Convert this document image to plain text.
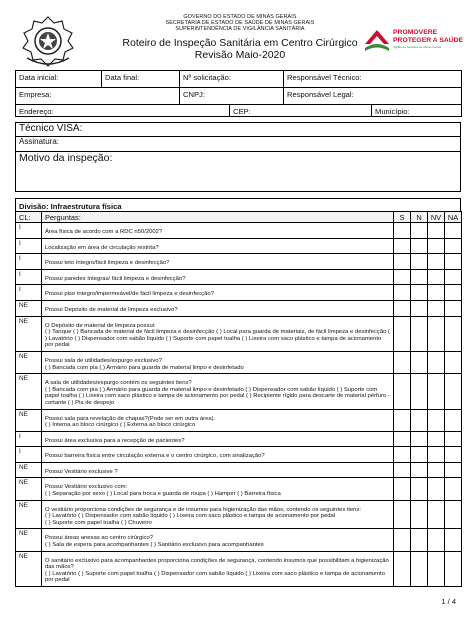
GOVERNO DO ESTADO DE MINAS GERAIS
SECRETARIA DE ESTADO DE SAÚDE DE MINAS GERAIS
SUPERINTENDÊNCIA DE VIGILÂNCIA SANITÁRIA
Roteiro de Inspeção Sanitária em Centro Cirúrgico
Revisão Maio-2020
PROMOVERE
PROTEGER A SAÚDE
Vigilância Sanitária de Minas Gerais
Data inicial:	Data final:	Nº solicitação:		Responsável Técnico:	
Empresa:		CNPJ:		Responsável Legal:	
Endereço:			CEP:		Município:
Técnico VISA:
Assinatura:
Motivo da inspeção:
Divisão: Infraestrutura física
CL:	Perguntas:	S	N	NV	NA
I	Área física de acordo com a RDC n50/2002?				

I	Localização em área de circulação restrita?				

I	Possui teto íntegro/fácil limpeza e desinfecção?				

I	Possui paredes íntegras/ fácil limpeza e desinfecção?				

I	Possui piso íntegro/impermeável/de fácil limpeza e desinfecção?				

NE	Possui Depósito de material de limpeza exclusivo?				

NE	O Depósito de material de limpeza possui:
( ) Tanque ( ) Bancada de material de fácil limpeza e desinfecção ( ) Local para guarda de materiais, de fácil limpeza e desinfecção ( ) Lavatório ( ) Dispensador com sabão líquido ( ) Suporte com papel toalha ( ) Lixeira com saco plástico e tampa de acionamento por pedal				

NE	Possui sala de utilidades/expurgo exclusivo?
( ) Bancada com pia ( ) Armário para guarda de material limpo e desinfetado				

NE	A sala de utilidades/expurgo contém os seguintes itens?
( ) Bancada com pia ( ) Armário para guarda de material limpo e desinfetado ( ) Dispensador com sabão líquido ( ) Suporte com papel toalha ( ) Lixeira com saco plástico e tampa de acionamento por pedal ( ) Recipiente rígido para descarte de material pérfuro - cortante ( ) Pia de despejo				

NE	Possui sala para revelação de chapas?(Pode ser em outra área).
( ) Interna ao bloco cirúrgico ( ) Externa ao bloco cirúrgico				

I	Possui área exclusiva para a recepção de pacientes?				

I	Possui barreira física entre circulação externa e o centro cirúrgico, com sinalização?				

NE	Possui Vestiário exclusive ?				

NE	Possui Vestiário exclusivo com:
( ) Separação por sexo ( ) Local para troca e guarda de roupa ( ) Hamper ( ) Barreira física				

NE	O vestiário proporciona condições de segurança e de insumos para higienização das mãos, contendo os seguintes itens:
( ) Lavatório ( ) Dispensador com sabão líquido ( ) Lixeira com saco plástico e tampa de acionamento por pedal
( ) Suporte com papel toalha ( ) Chuveiro				

NE	Possui áreas anexas ao centro cirúrgico?
( ) Sala de espera para acompanhantes ( ) Sanitário exclusivo para acompanhantes				

NE	O sanitário exclusivo para acompanhantes proporciona condições de segurança, contendo insumos que possibilitam a higienização das mãos?
( ) Lavatório ( ) Suporte com papel toalha ( ) Dispensador com sabão líquido ( ) Lixeira com saco plástico e tampa de acionamento por pedal				

1 / 4
